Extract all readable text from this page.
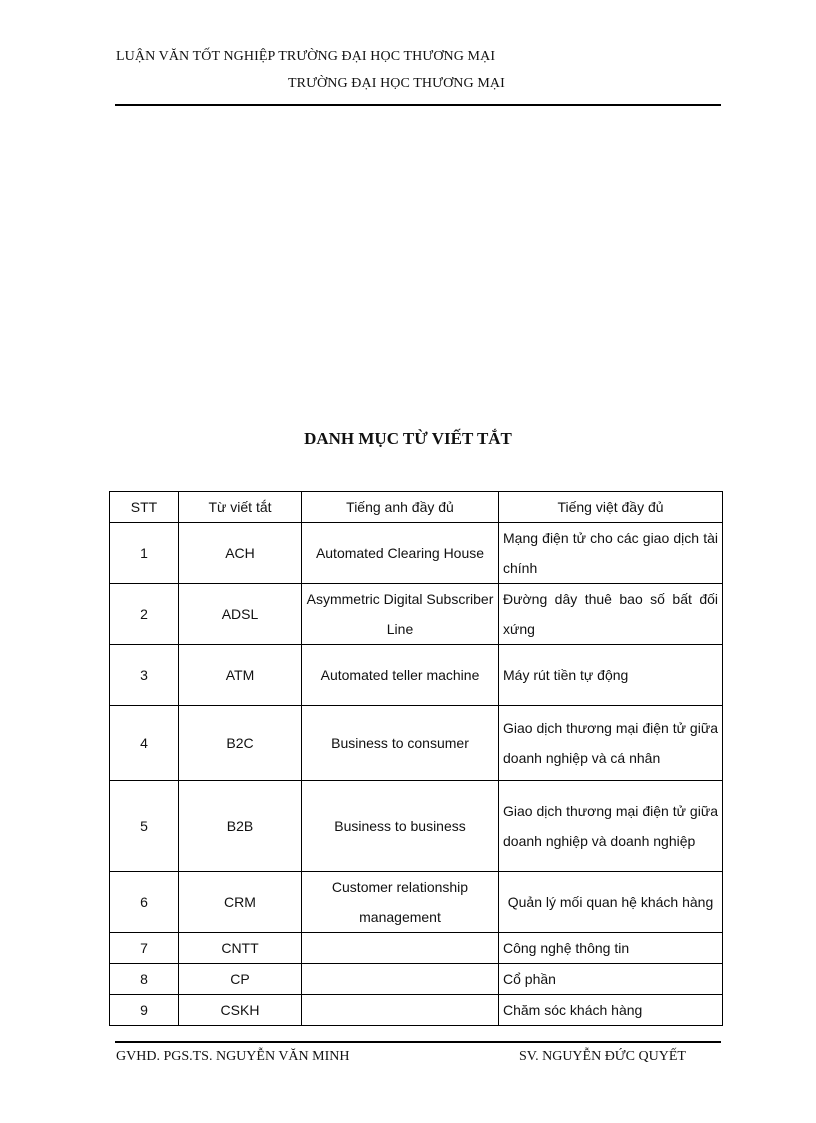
LUẬN VĂN TỐT NGHIỆP TRƯỜNG ĐẠI HỌC THƯƠNG MẠI
TRƯỜNG ĐẠI HỌC THƯƠNG MẠI
DANH MỤC TỪ VIẾT TẮT
STT	Từ viết tắt	Tiếng anh đầy đủ	Tiếng việt đầy đủ
1	ACH	Automated Clearing House	Mạng điện tử cho các giao dịch tài chính
2	ADSL	Asymmetric Digital Subscriber Line	Đường dây thuê bao số bất đối xứng
3	ATM	Automated teller machine	Máy rút tiền tự động
4	B2C	Business to consumer	Giao dịch thương mại điện tử giữa doanh nghiệp và cá nhân
5	B2B	Business to business	Giao dịch thương mại điện tử giữa doanh nghiệp và doanh nghiệp
6	CRM	Customer relationship management	Quản lý mối quan hệ khách hàng
7	CNTT		Công nghệ thông tin
8	CP		Cổ phần
9	CSKH		Chăm sóc khách hàng
GVHD. PGS.TS. NGUYỄN VĂN MINH	SV. NGUYỄN ĐỨC QUYẾT
